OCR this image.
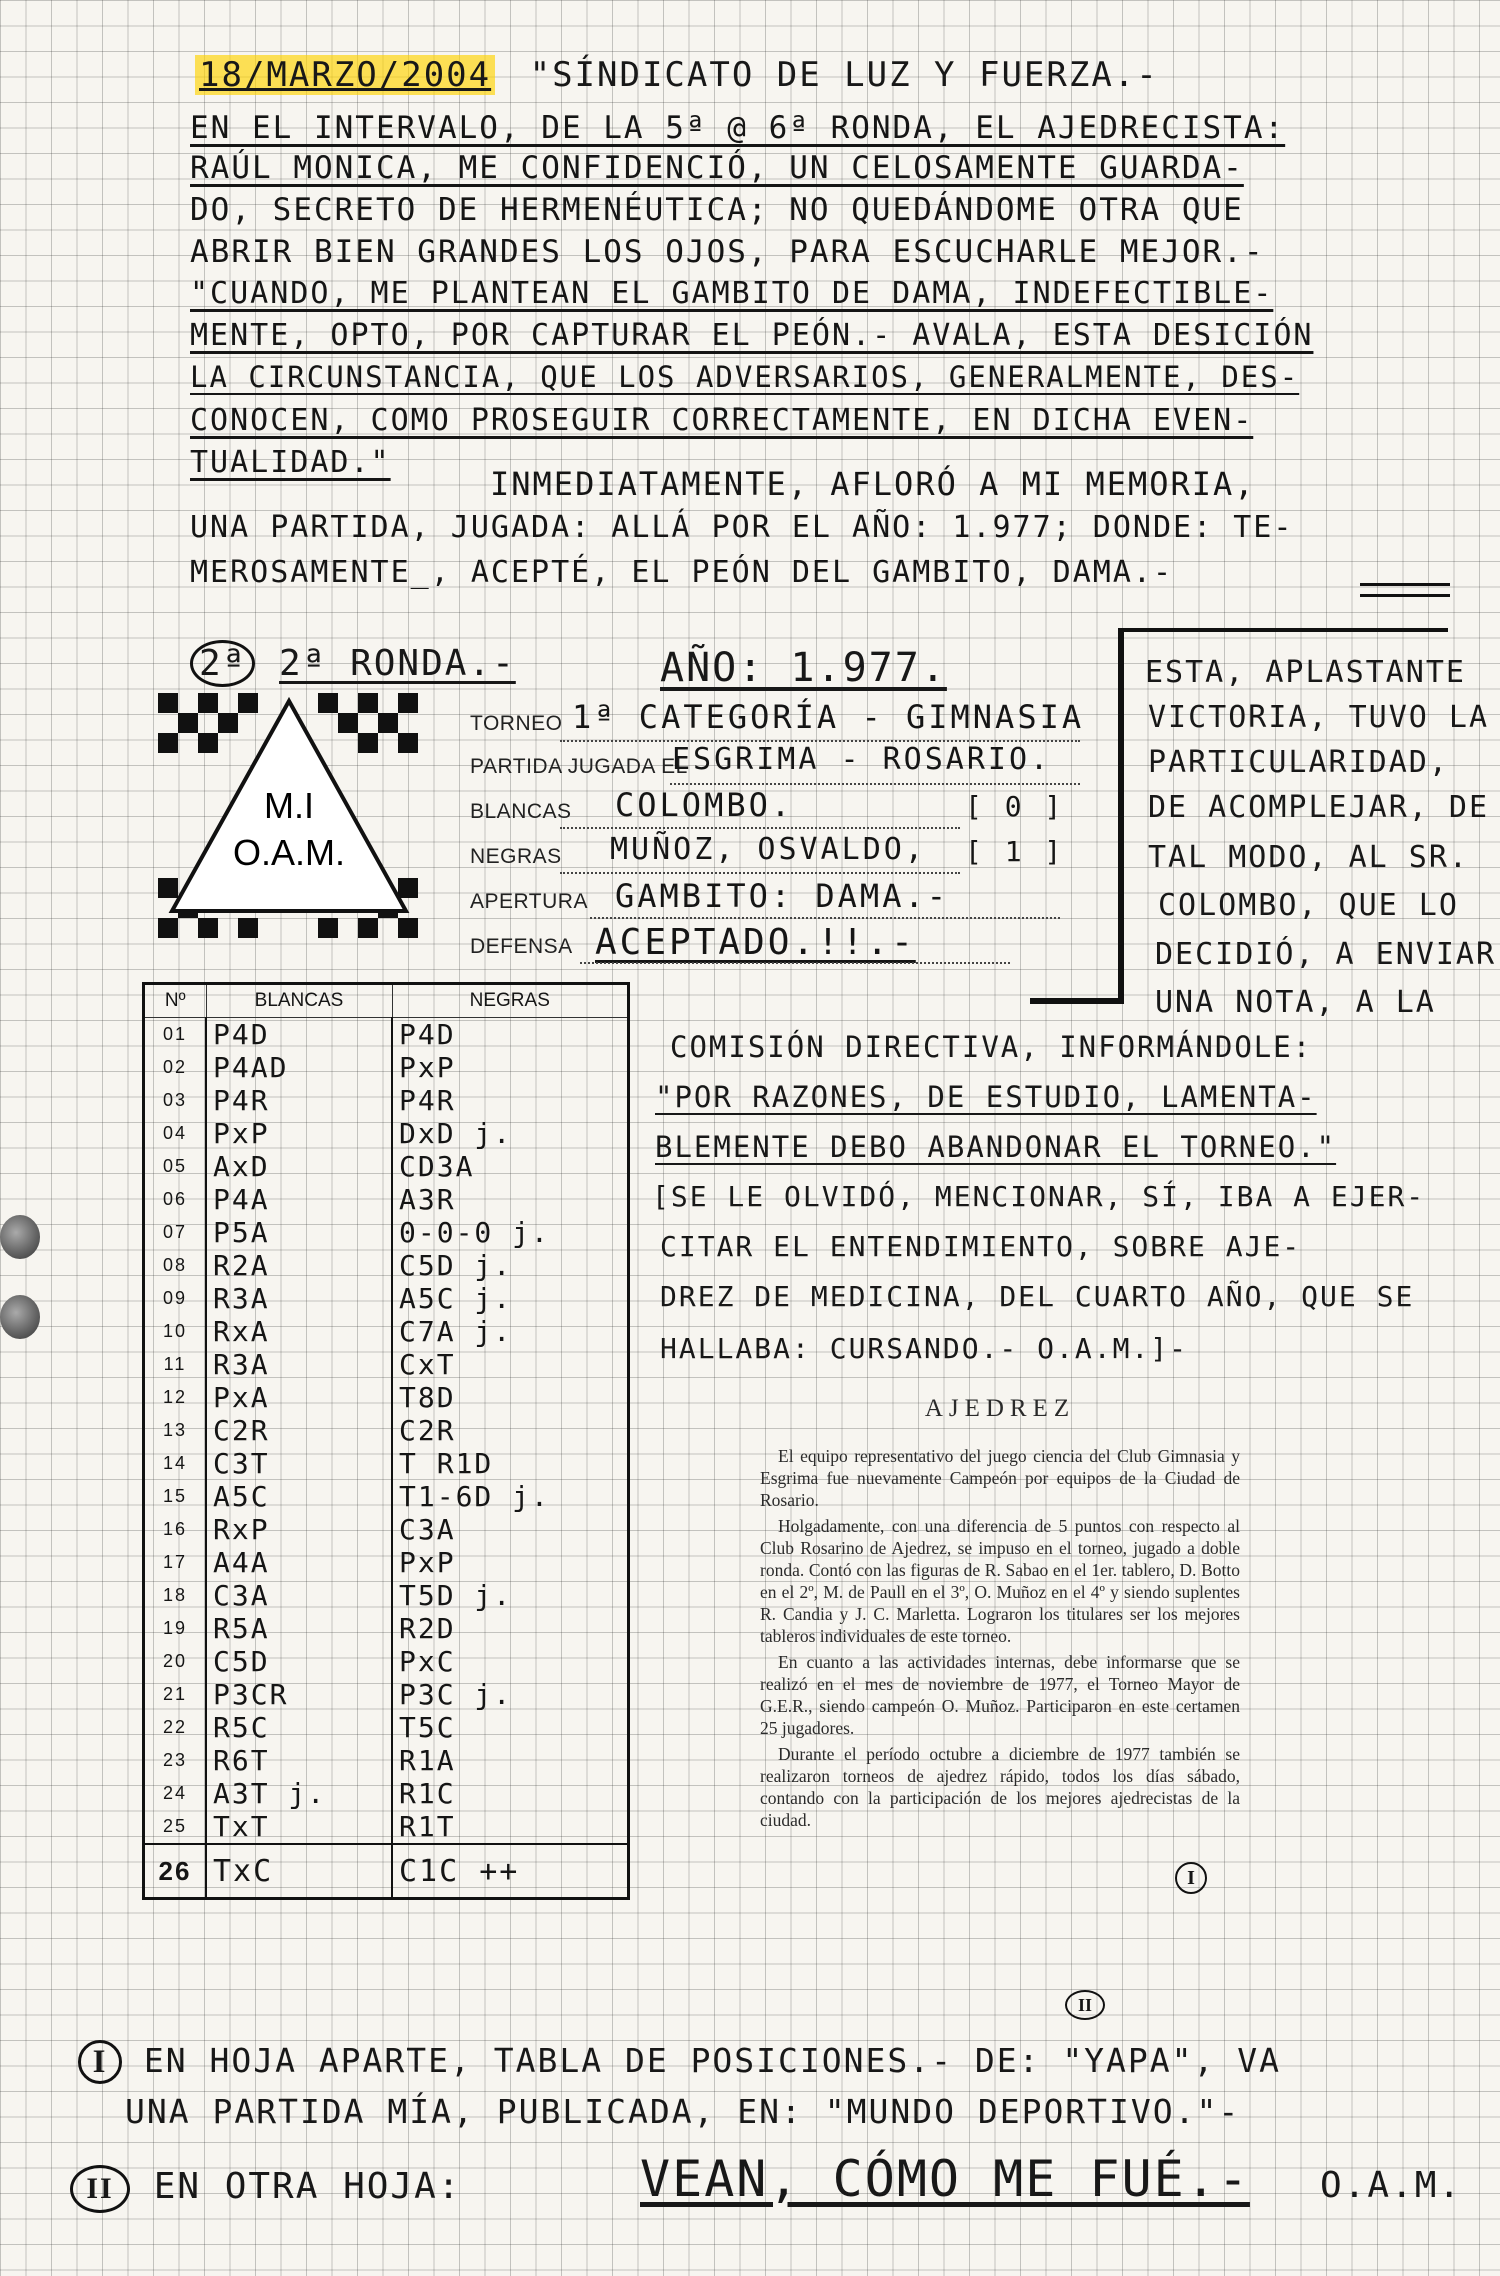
18/MARZO/2004 "SÍNDICATO DE LUZ Y FUERZA.-
EN EL INTERVALO, DE LA 5ª @ 6ª RONDA, EL AJEDRECISTA:
RAÚL MONICA, ME CONFIDENCIÓ, UN CELOSAMENTE GUARDA-
DO, SECRETO DE HERMENÉUTICA; NO QUEDÁNDOME OTRA QUE
ABRIR BIEN GRANDES LOS OJOS, PARA ESCUCHARLE MEJOR.-
"CUANDO, ME PLANTEAN EL GAMBITO DE DAMA, INDEFECTIBLE-
MENTE, OPTO, POR CAPTURAR EL PEÓN.- AVALA, ESTA DESICIÓN
LA CIRCUNSTANCIA, QUE LOS ADVERSARIOS, GENERALMENTE, DES-
CONOCEN, COMO PROSEGUIR CORRECTAMENTE, EN DICHA EVEN-
TUALIDAD."
INMEDIATAMENTE, AFLORÓ A MI MEMORIA,
UNA PARTIDA, JUGADA: ALLÁ POR EL AÑO: 1.977; DONDE: TE-
MEROSAMENTE_, ACEPTÉ, EL PEÓN DEL GAMBITO, DAMA.-
2ª 2ª RONDA.-	AÑO: 1.977.
M.I
O.A.M.
TORNEO 1ª CATEGORÍA - GIMNASIA
PARTIDA JUGADA EL
ESGRIMA - ROSARIO.
BLANCAS COLOMBO.	[ 0 ]
NEGRAS MUÑOZ, OSVALDO, [ 1 ]
APERTURA GAMBITO: DAMA.-
DEFENSA ACEPTADO.!!.-
ESTA, APLASTANTE
VICTORIA, TUVO LA
PARTICULARIDAD,
DE ACOMPLEJAR, DE
TAL MODO, AL SR.
COLOMBO, QUE LO
DECIDIÓ, A ENVIAR
UNA NOTA, A LA
COMISIÓN DIRECTIVA, INFORMÁNDOLE:
"POR RAZONES, DE ESTUDIO, LAMENTA-
BLEMENTE DEBO ABANDONAR EL TORNEO."
[SE LE OLVIDÓ, MENCIONAR, SÍ, IBA A EJER-
CITAR EL ENTENDIMIENTO, SOBRE AJE-
DREZ DE MEDICINA, DEL CUARTO AÑO, QUE SE
HALLABA: CURSANDO.- O.A.M.]-
Nº	BLANCAS	NEGRAS
01	P4D	P4D
02	P4AD	PxP
03	P4R	P4R
04	PxP	DxD j.
05	AxD	CD3A
06	P4A	A3R
07	P5A	0-0-0 j.
08	R2A	C5D j.
09	R3A	A5C j.
10	RxA	C7A j.
11	R3A	CxT
12	PxA	T8D
13	C2R	C2R
14	C3T	T R1D
15	A5C	T1-6D j.
16	RxP	C3A
17	A4A	PxP
18	C3A	T5D j.
19	R5A	R2D
20	C5D	PxC
21	P3CR	P3C j.
22	R5C	T5C
23	R6T	R1A
24	A3T j.	R1C
25	TxT	R1T
26	TxC	C1C ++
AJEDREZ

El equipo representativo del juego ciencia del Club Gimnasia y Esgrima fue nuevamente Campeón por equipos de la Ciudad de Rosario.

Holgadamente, con una diferencia de 5 puntos con respecto al Club Rosarino de Ajedrez, se impuso en el torneo, jugado a doble ronda. Contó con las figuras de R. Sabao en el 1er. tablero, D. Botto en el 2º, M. de Paull en el 3º, O. Muñoz en el 4º y siendo suplentes R. Candia y J. C. Marletta. Lograron los titulares ser los mejores tableros individuales de este torneo.

En cuanto a las actividades internas, debe informarse que se realizó en el mes de noviembre de 1977, el Torneo Mayor de G.E.R., siendo campeón O. Muñoz. Participaron en este certamen 25 jugadores.

Durante el período octubre a diciembre de 1977 también se realizaron torneos de ajedrez rápido, todos los días sábado, contando con la participación de los mejores ajedrecistas de la ciudad.

I
II
I EN HOJA APARTE, TABLA DE POSICIONES.- DE: "YAPA", VA
UNA PARTIDA MÍA, PUBLICADA, EN: "MUNDO DEPORTIVO."-
II EN OTRA HOJA:	VEAN, CÓMO ME FUÉ.- O.A.M.
